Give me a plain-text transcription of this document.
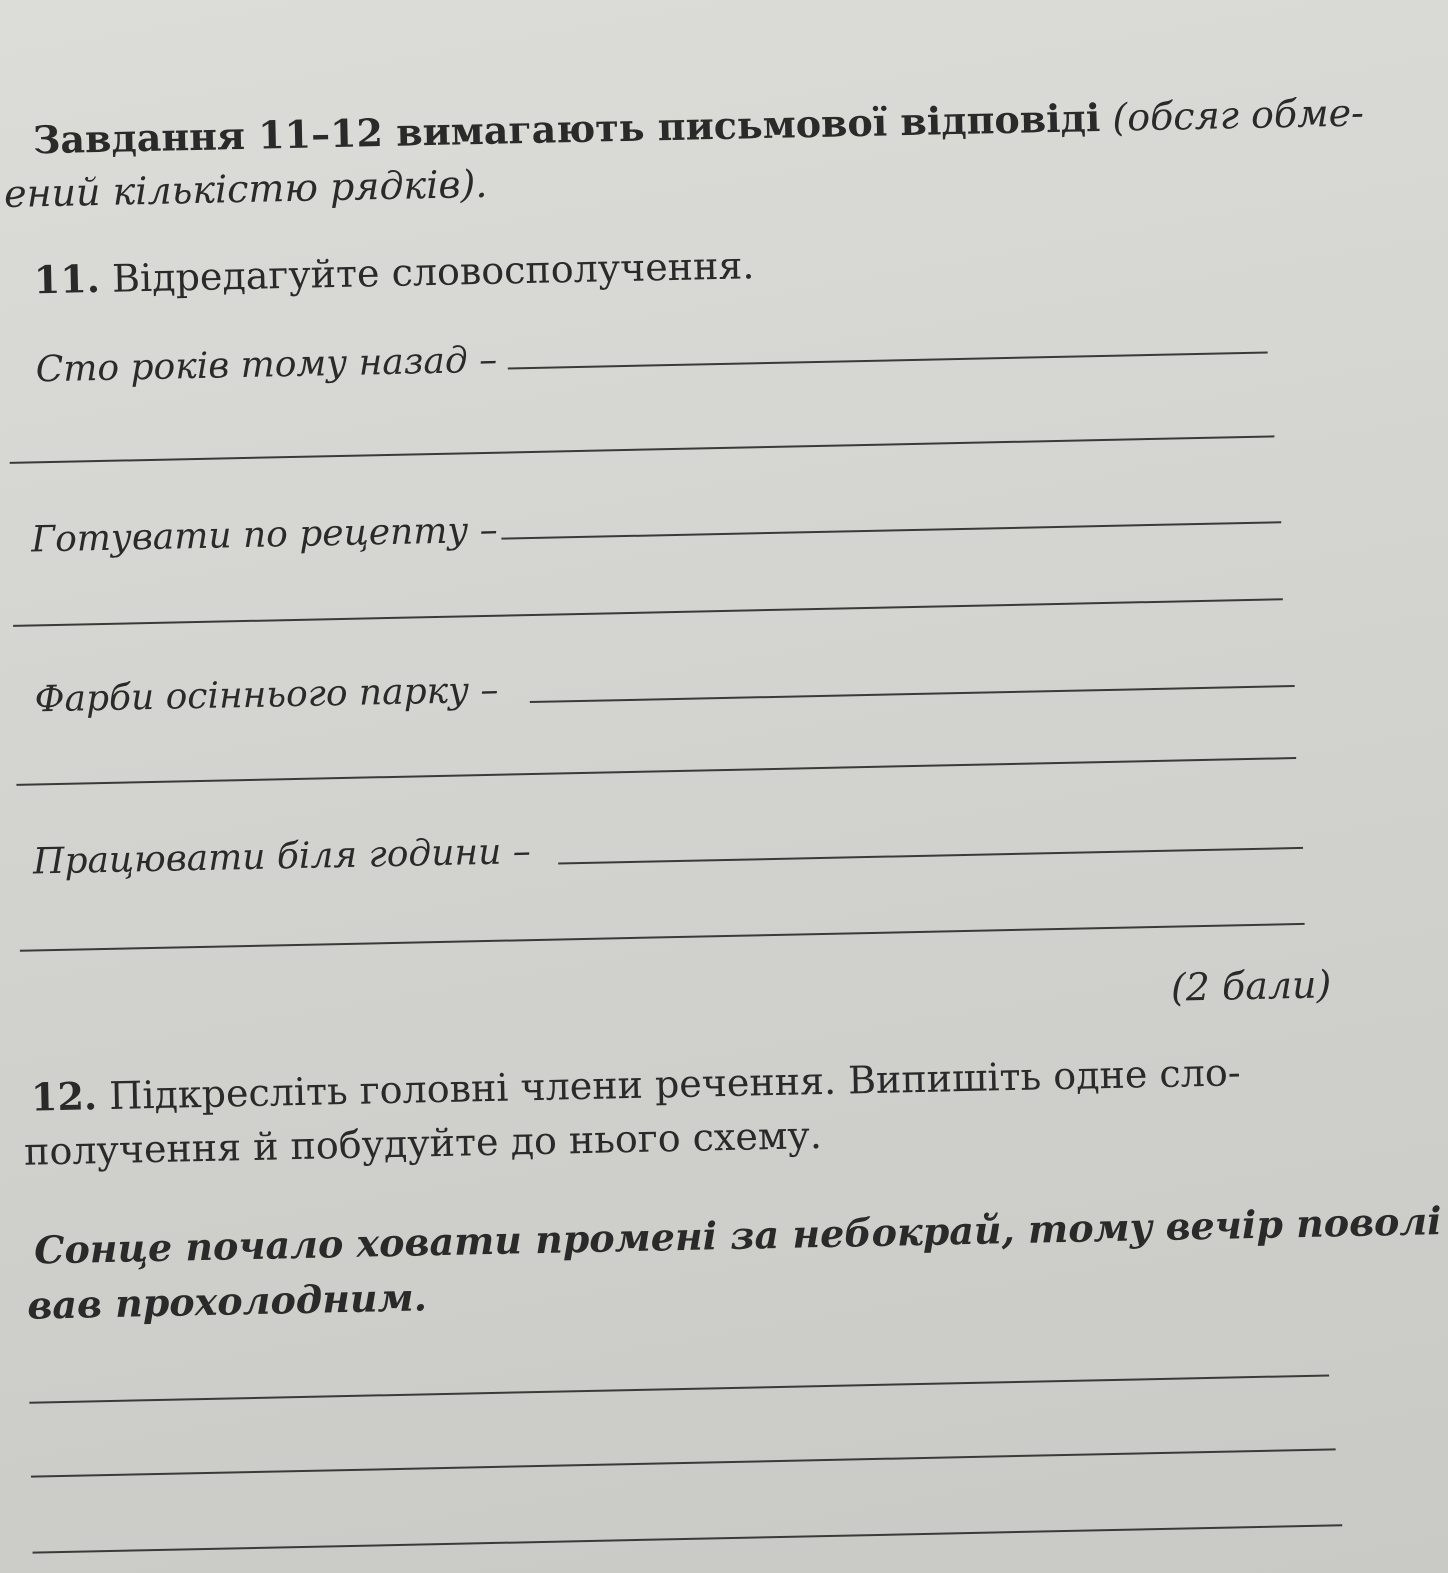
Завдання 11–12 вимагають письмової відповіді (обсяг обме-
ений кількістю рядків).
11. Відредагуйте словосполучення.
Сто років тому назад –
Готувати по рецепту –
Фарби осіннього парку –
Працювати біля години –
(2 бали)
12. Підкресліть головні члени речення. Випишіть одне сло-
получення й побудуйте до нього схему.
Сонце почало ховати промені за небокрай, тому вечір поволі
вав прохолодним.
